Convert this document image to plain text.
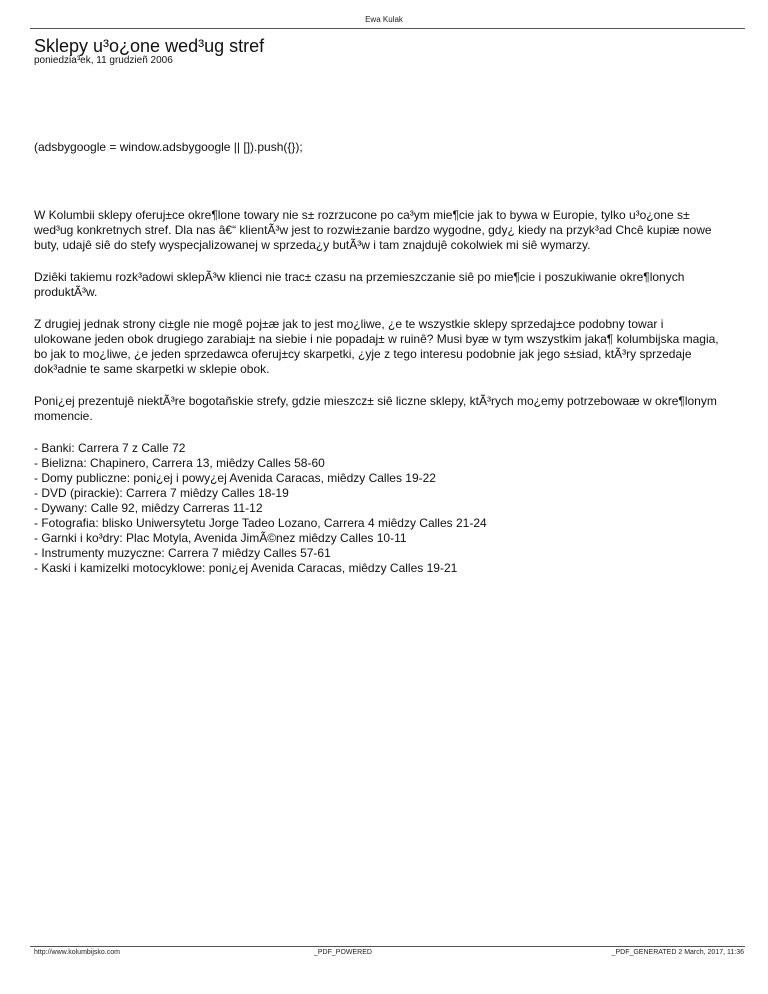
Ewa Kulak
Sklepy u³o¿one wed³ug stref
poniedzia³ek, 11 grudzieñ 2006

(adsbygoogle = window.adsbygoogle || []).push({});

W Kolumbii sklepy oferuj±ce okre¶lone towary nie s± rozrzucone po ca³ym mie¶cie jak to bywa w Europie, tylko u³o¿one s± wed³ug konkretnych stref. Dla nas â€“ klientÃ³w jest to rozwi±zanie bardzo wygodne, gdy¿ kiedy na przyk³ad Chcê kupiæ nowe buty, udajê siê do stefy wyspecjalizowanej w sprzeda¿y butÃ³w i tam znajdujê cokolwiek mi siê wymarzy.

Dziêki takiemu rozk³adowi sklepÃ³w klienci nie trac± czasu na przemieszczanie siê po mie¶cie i poszukiwanie okre¶lonych produktÃ³w.

Z drugiej jednak strony ci±gle nie mogê poj±æ jak to jest mo¿liwe, ¿e te wszystkie sklepy sprzedaj±ce podobny towar i ulokowane jeden obok drugiego zarabiaj± na siebie i nie popadaj± w ruinê? Musi byæ w tym wszystkim jaka¶ kolumbijska magia, bo jak to mo¿liwe, ¿e jeden sprzedawca oferuj±cy skarpetki, ¿yje z tego interesu podobnie jak jego s±siad, ktÃ³ry sprzedaje dok³adnie te same skarpetki w sklepie obok.

Poni¿ej prezentujê niektÃ³re bogotañskie strefy, gdzie mieszcz± siê liczne sklepy, ktÃ³rych mo¿emy potrzebowaæ w okre¶lonym momencie.

- Banki: Carrera 7 z Calle 72

- Bielizna: Chapinero, Carrera 13, miêdzy Calles 58-60

- Domy publiczne: poni¿ej i powy¿ej Avenida Caracas, miêdzy Calles 19-22

- DVD (pirackie): Carrera 7 miêdzy Calles 18-19

- Dywany: Calle 92, miêdzy Carreras 11-12

- Fotografia: blisko Uniwersytetu Jorge Tadeo Lozano, Carrera 4 miêdzy Calles 21-24

- Garnki i ko³dry: Plac Motyla, Avenida JimÃ©nez miêdzy Calles 10-11

- Instrumenty muzyczne: Carrera 7 miêdzy Calles 57-61

- Kaski i kamizelki motocyklowe: poni¿ej Avenida Caracas, miêdzy Calles 19-21

http://www.kolumbijsko.com	_PDF_POWERED	_PDF_GENERATED 2 March, 2017, 11:36
